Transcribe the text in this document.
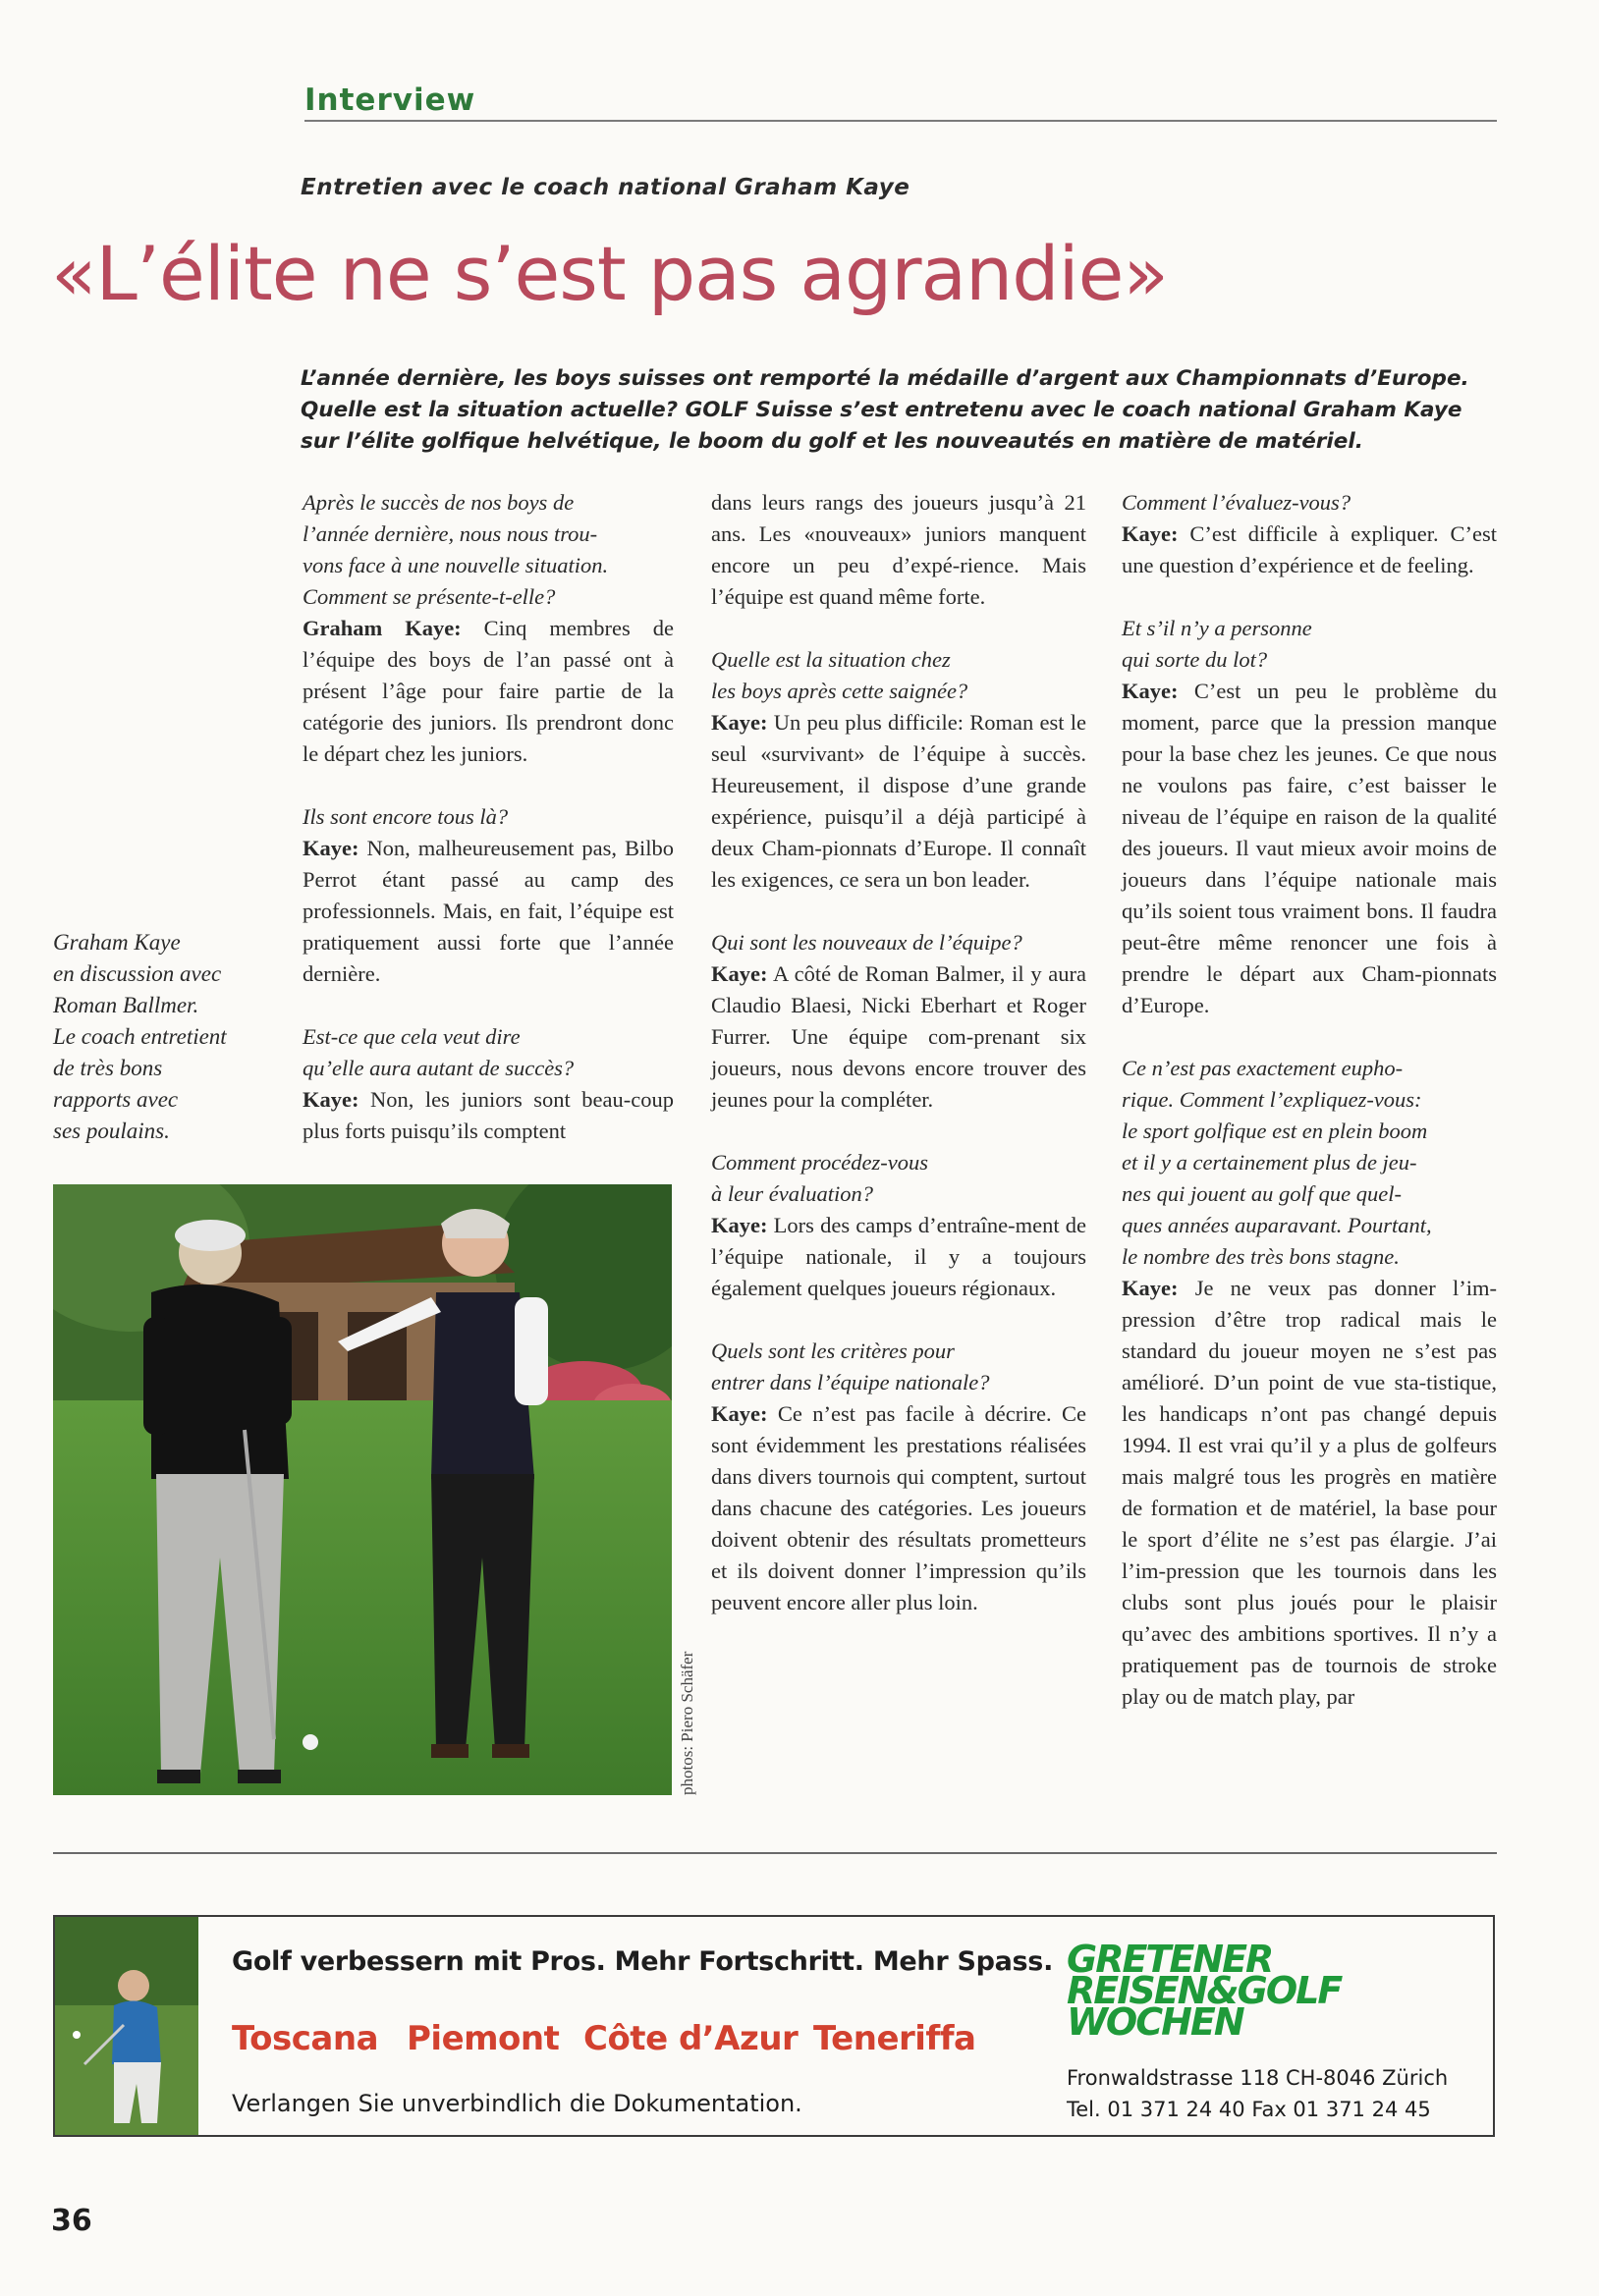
Interview
Entretien avec le coach national Graham Kaye
«L’élite ne s’est pas agrandie»

L’année dernière, les boys suisses ont remporté la médaille d’argent aux Championnats d’Europe.

Quelle est la situation actuelle? GOLF Suisse s’est entretenu avec le coach national Graham Kaye

sur l’élite golfique helvétique, le boom du golf et les nouveautés en matière de matériel.

Après le succès de nos boys de
l’année dernière, nous nous trou-
vons face à une nouvelle situation.
Comment se présente-t-elle?

Graham Kaye: Cinq membres de l’équipe des boys de l’an passé ont à présent l’âge pour faire partie de la catégorie des juniors. Ils prendront donc le départ chez les juniors.

Ils sont encore tous là?

Kaye: Non, malheureusement pas, Bilbo Perrot étant passé au camp des professionnels. Mais, en fait, l’équipe est pratiquement aussi forte que l’année dernière.

Est-ce que cela veut dire
qu’elle aura autant de succès?

Kaye: Non, les juniors sont beau-coup plus forts puisqu’ils comptent

dans leurs rangs des joueurs jusqu’à 21 ans. Les «nouveaux» juniors manquent encore un peu d’expé-rience. Mais l’équipe est quand même forte.

Quelle est la situation chez
les boys après cette saignée?

Kaye: Un peu plus difficile: Roman est le seul «survivant» de l’équipe à succès. Heureusement, il dispose d’une grande expérience, puisqu’il a déjà participé à deux Cham-pionnats d’Europe. Il connaît les exigences, ce sera un bon leader.

Qui sont les nouveaux de l’équipe?

Kaye: A côté de Roman Balmer, il y aura Claudio Blaesi, Nicki Eberhart et Roger Furrer. Une équipe com-prenant six joueurs, nous devons encore trouver des jeunes pour la compléter.

Comment procédez-vous
à leur évaluation?

Kaye: Lors des camps d’entraîne-ment de l’équipe nationale, il y a toujours également quelques joueurs régionaux.

Quels sont les critères pour
entrer dans l’équipe nationale?

Kaye: Ce n’est pas facile à décrire. Ce sont évidemment les prestations réalisées dans divers tournois qui comptent, surtout dans chacune des catégories. Les joueurs doivent obtenir des résultats prometteurs et ils doivent donner l’impression qu’ils peuvent encore aller plus loin.

Comment l’évaluez-vous?

Kaye: C’est difficile à expliquer. C’est une question d’expérience et de feeling.

Et s’il n’y a personne
qui sorte du lot?

Kaye: C’est un peu le problème du moment, parce que la pression manque pour la base chez les jeunes. Ce que nous ne voulons pas faire, c’est baisser le niveau de l’équipe en raison de la qualité des joueurs. Il vaut mieux avoir moins de joueurs dans l’équipe nationale mais qu’ils soient tous vraiment bons. Il faudra peut-être même renoncer une fois à prendre le départ aux Cham-pionnats d’Europe.

Ce n’est pas exactement eupho-
rique. Comment l’expliquez-vous:
le sport golfique est en plein boom
et il y a certainement plus de jeu-
nes qui jouent au golf que quel-
ques années auparavant. Pourtant,
le nombre des très bons stagne.

Kaye: Je ne veux pas donner l’im-pression d’être trop radical mais le standard du joueur moyen ne s’est pas amélioré. D’un point de vue sta-tistique, les handicaps n’ont pas changé depuis 1994. Il est vrai qu’il y a plus de golfeurs mais malgré tous les progrès en matière de formation et de matériel, la base pour le sport d’élite ne s’est pas élargie. J’ai l’im-pression que les tournois dans les clubs sont plus joués pour le plaisir qu’avec des ambitions sportives. Il n’y a pratiquement pas de tournois de stroke play ou de match play, par

Graham Kaye

en discussion avec

Roman Ballmer.

Le coach entretient

de très bons

rapports avec

ses poulains.

photos: Piero Schäfer
Golf verbessern mit Pros. Mehr Fortschritt. Mehr Spass.
Toscana Piemont Côte d’Azur Teneriffa
Verlangen Sie unverbindlich die Dokumentation.
GRETENER
REISEN&GOLF
WOCHEN

Fronwaldstrasse 118 CH-8046 Zürich

Tel. 01 371 24 40 Fax 01 371 24 45

36
